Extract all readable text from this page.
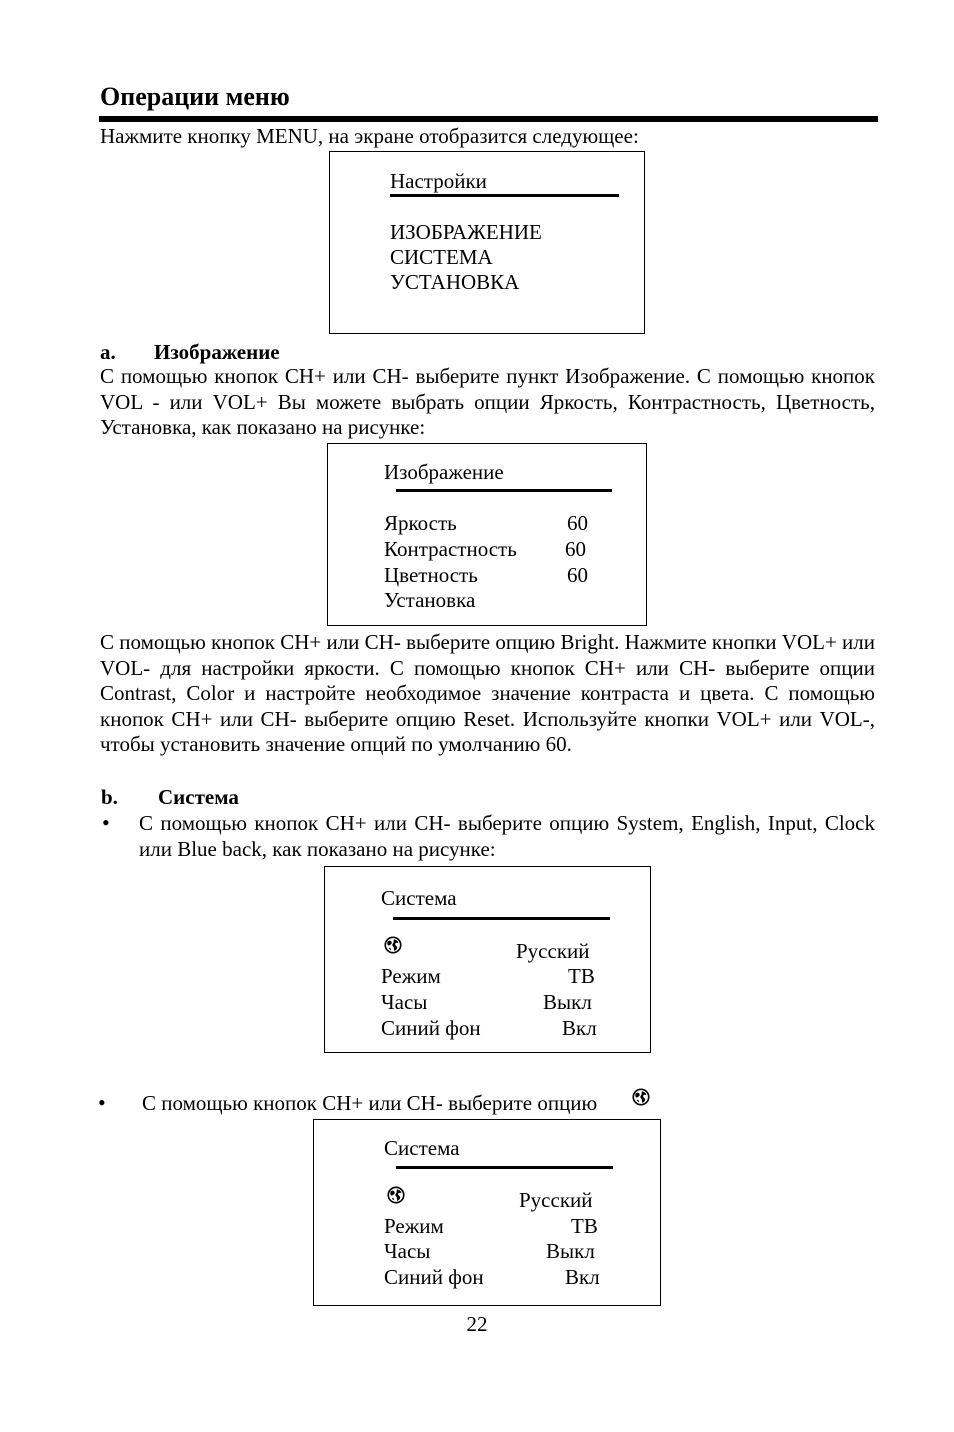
Операции меню
Нажмите кнопку MENU, на экране отобразится следующее:
Настройки
ИЗОБРАЖЕНИЕ
СИСТЕМА
УСТАНОВКА
a. Изображение
С помощью кнопок CH+ или CH- выберите пункт Изображение. С помощью кнопок VOL - или VOL+ Вы можете выбрать опции Яркость, Контрастность, Цветность, Установка, как показано на рисунке:
Изображение
Яркость	60
Контрастность 60
Цветность	60
Установка
С помощью кнопок CH+ или CH- выберите опцию Bright. Нажмите кнопки VOL+ или VOL- для настройки яркости. С помощью кнопок CH+ или CH- выберите опции Contrast, Color и настройте необходимое значение контраста и цвета. С помощью кнопок CH+ или CH- выберите опцию Reset. Используйте кнопки VOL+ или VOL-, чтобы установить значение опций по умолчанию 60.
b. Система
• С помощью кнопок CH+ или CH- выберите опцию System, English, Input, Clock или Blue back, как показано на рисунке:
Система
Русский
Режим	ТВ
Часы	Выкл
Синий фон	Вкл
• С помощью кнопок CH+ или CH- выберите опцию
Система
Русский
Режим	ТВ
Часы	Выкл
Синий фон	Вкл
22
